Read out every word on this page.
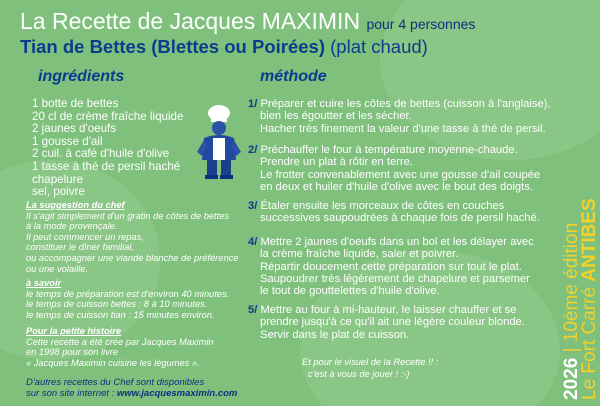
La Recette de Jacques MAXIMIN pour 4 personnes
Tian de Bettes (Blettes ou Poirées) (plat chaud)
ingrédients	méthode
1 botte de bettes
20 cl de crème fraîche liquide
2 jaunes d'oeufs
1 gousse d'ail
2 cuil. à café d'huile d'olive
1 tasse à thé de persil haché
chapelure
sel, poivre
La suggestion du chef
Il s'agit simplement d'un gratin de côtes de bettes
à la mode provençale.
Il peut commencer un repas,
constituer le dîner familial,
ou accompagner une viande blanche de préférence
ou une volaille.
à savoir
le temps de préparation est d'environ 40 minutes.
le temps de cuisson bettes : 8 à 10 minutes.
le temps de cuisson tian : 15 minutes environ.
Pour la petite histoire
Cette recette a été crée par Jacques Maximin
en 1998 pour son livre
« Jacques Maximin cuisine les légumes ».
1/ Préparer et cuire les côtes de bettes (cuisson à l'anglaise),
bien les égoutter et les sécher.
Hacher très finement la valeur d'une tasse à thé de persil.
2/ Préchauffer le four à température moyenne-chaude.
Prendre un plat à rôtir en terre.
Le frotter convenablement avec une gousse d'ail coupée
en deux et huiler d'huile d'olive avec le bout des doigts.
3/ Étaler ensuite les morceaux de côtes en couches
successives saupoudrées à chaque fois de persil haché.
4/ Mettre 2 jaunes d'oeufs dans un bol et les délayer avec
la crème fraîche liquide, saler et poivrer.
Répartir doucement cette préparation sur tout le plat.
Saupoudrer très légèrement de chapelure et parsemer
le tout de gouttelettes d'huile d'olive.
5/ Mettre au four à mi-hauteur, le laisser chauffer et se
prendre jusqu'à ce qu'il ait une légère couleur blonde.
Servir dans le plat de cuisson.
Et pour le visuel de la Recette !! :
c'est à vous de jouer ! :-)
D'autres recettes du Chef sont disponibles
sur son site internet : www.jacquesmaximin.com	2026 | 10ème édition
Le Fort Carré ANTIBES
